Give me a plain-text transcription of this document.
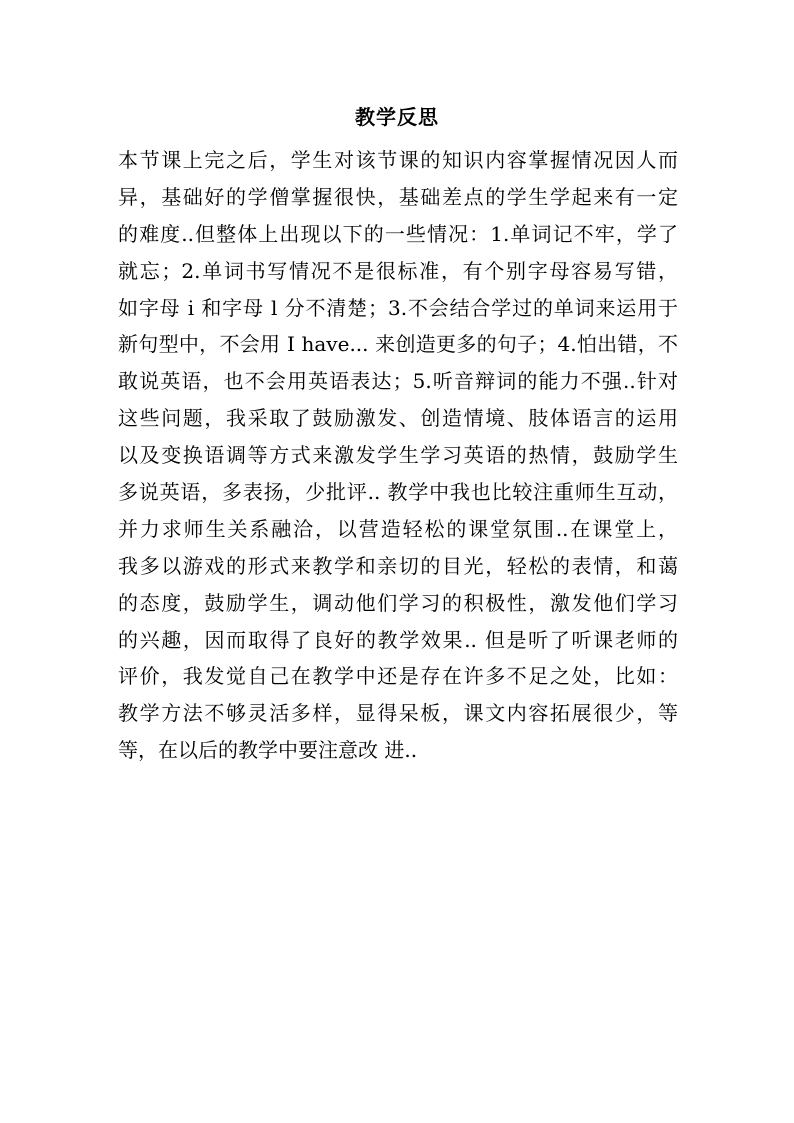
教学反思
本节课上完之后，学生对该节课的知识内容掌握情况因人而
异，基础好的学僧掌握很快，基础差点的学生学起来有一定
的难度..但整体上出现以下的一些情况：1.单词记不牢，学了
就忘；2.单词书写情况不是很标准，有个别字母容易写错，
如字母 i 和字母 l 分不清楚；3.不会结合学过的单词来运用于
新句型中，不会用 I have... 来创造更多的句子；4.怕出错，不
敢说英语，也不会用英语表达；5.听音辩词的能力不强..针对
这些问题，我采取了鼓励激发、创造情境、肢体语言的运用
以及变换语调等方式来激发学生学习英语的热情，鼓励学生
多说英语，多表扬，少批评.. 教学中我也比较注重师生互动，
并力求师生关系融洽，以营造轻松的课堂氛围..在课堂上，
我多以游戏的形式来教学和亲切的目光，轻松的表情，和蔼
的态度，鼓励学生，调动他们学习的积极性，激发他们学习
的兴趣，因而取得了良好的教学效果.. 但是听了听课老师的
评价，我发觉自己在教学中还是存在许多不足之处，比如：
教学方法不够灵活多样，显得呆板，课文内容拓展很少，等
等，在以后的教学中要注意改 进..
